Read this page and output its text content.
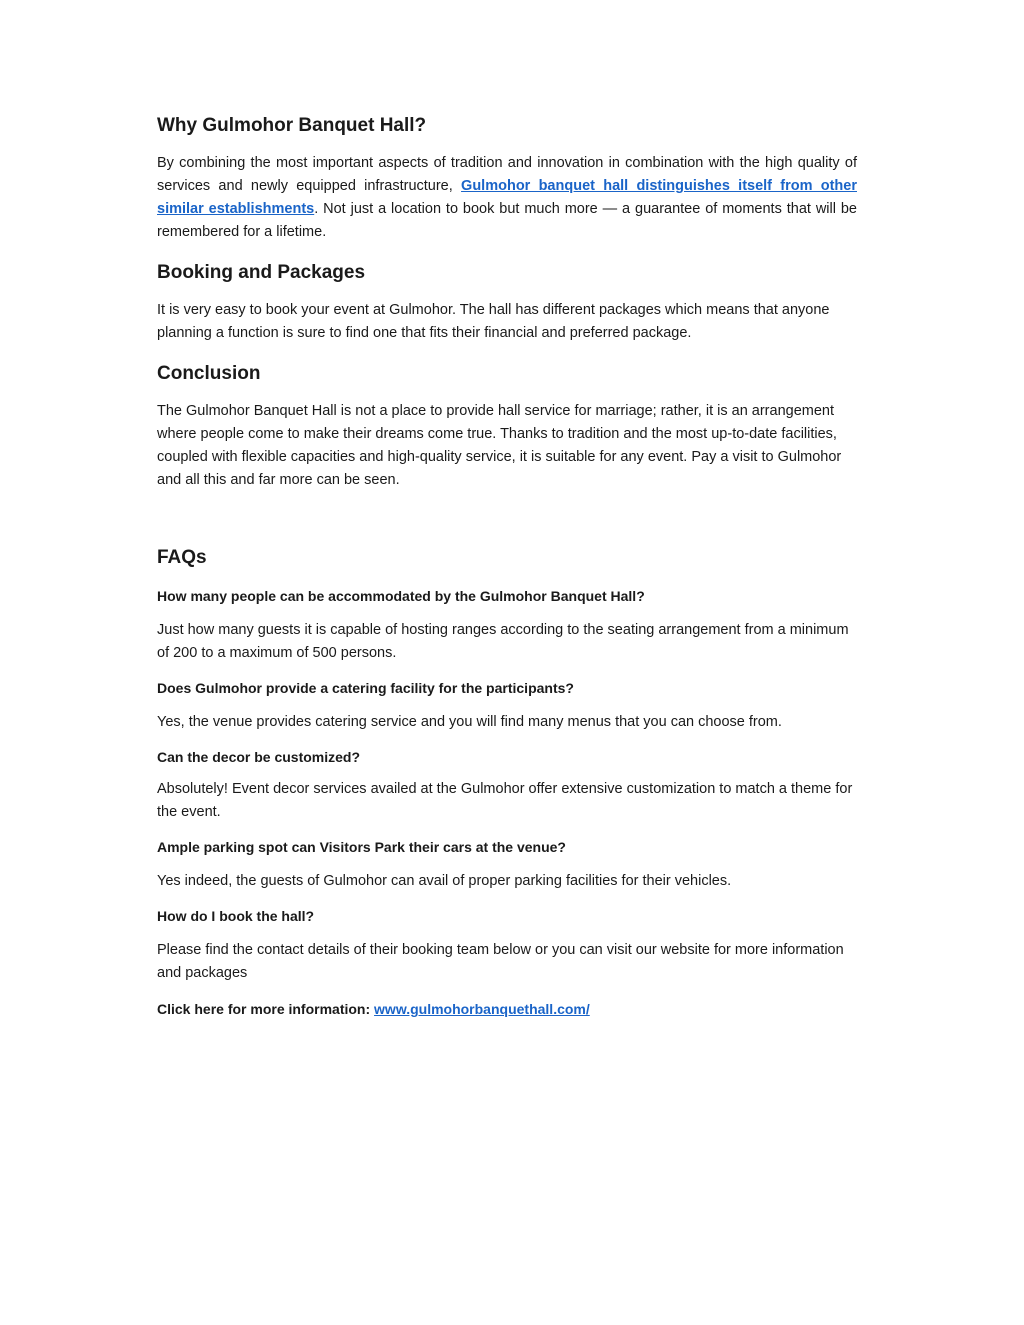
Why Gulmohor Banquet Hall?

By combining the most important aspects of tradition and innovation in combination with the high quality of services and newly equipped infrastructure, Gulmohor banquet hall distinguishes itself from other similar establishments. Not just a location to book but much more — a guarantee of moments that will be remembered for a lifetime.

Booking and Packages

It is very easy to book your event at Gulmohor. The hall has different packages which means that anyone planning a function is sure to find one that fits their financial and preferred package.

Conclusion

The Gulmohor Banquet Hall is not a place to provide hall service for marriage; rather, it is an arrangement where people come to make their dreams come true. Thanks to tradition and the most up-to-date facilities, coupled with flexible capacities and high-quality service, it is suitable for any event. Pay a visit to Gulmohor and all this and far more can be seen.

FAQs
How many people can be accommodated by the Gulmohor Banquet Hall?

Just how many guests it is capable of hosting ranges according to the seating arrangement from a minimum of 200 to a maximum of 500 persons.

Does Gulmohor provide a catering facility for the participants?

Yes, the venue provides catering service and you will find many menus that you can choose from.

Can the decor be customized?

Absolutely! Event decor services availed at the Gulmohor offer extensive customization to match a theme for the event.

Ample parking spot can Visitors Park their cars at the venue?

Yes indeed, the guests of Gulmohor can avail of proper parking facilities for their vehicles.

How do I book the hall?

Please find the contact details of their booking team below or you can visit our website for more information and packages

Click here for more information: www.gulmohorbanquethall.com/
